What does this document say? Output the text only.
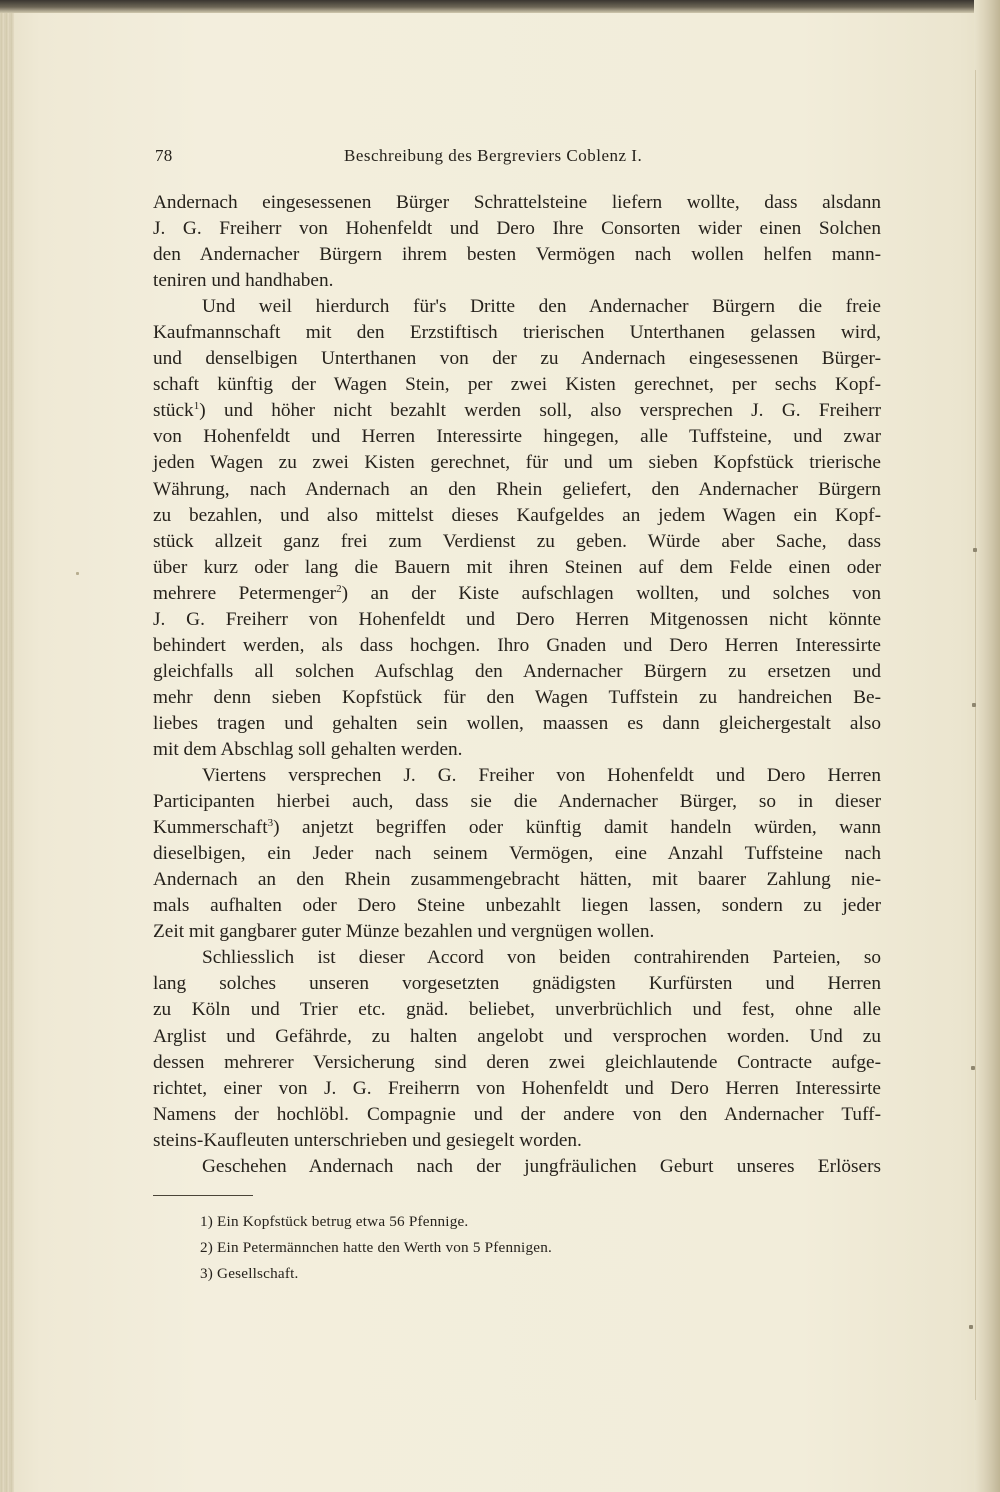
78	Beschreibung des Bergreviers Coblenz I.
Andernach eingesessenen Bürger Schrattelsteine liefern wollte, dass alsdann
J. G. Freiherr von Hohenfeldt und Dero Ihre Consorten wider einen Solchen
den Andernacher Bürgern ihrem besten Vermögen nach wollen helfen mann-
teniren und handhaben.
Und weil hierdurch für's Dritte den Andernacher Bürgern die freie
Kaufmannschaft mit den Erzstiftisch trierischen Unterthanen gelassen wird,
und denselbigen Unterthanen von der zu Andernach eingesessenen Bürger-
schaft künftig der Wagen Stein, per zwei Kisten gerechnet, per sechs Kopf-
stück$^1$) und höher nicht bezahlt werden soll, also versprechen J. G. Freiherr
von Hohenfeldt und Herren Interessirte hingegen, alle Tuffsteine, und zwar
jeden Wagen zu zwei Kisten gerechnet, für und um sieben Kopfstück trierische
Währung, nach Andernach an den Rhein geliefert, den Andernacher Bürgern
zu bezahlen, und also mittelst dieses Kaufgeldes an jedem Wagen ein Kopf-
stück allzeit ganz frei zum Verdienst zu geben. Würde aber Sache, dass
über kurz oder lang die Bauern mit ihren Steinen auf dem Felde einen oder
mehrere Petermenger$^2$) an der Kiste aufschlagen wollten, und solches von
J. G. Freiherr von Hohenfeldt und Dero Herren Mitgenossen nicht könnte
behindert werden, als dass hochgen. Ihro Gnaden und Dero Herren Interessirte
gleichfalls all solchen Aufschlag den Andernacher Bürgern zu ersetzen und
mehr denn sieben Kopfstück für den Wagen Tuffstein zu handreichen Be-
liebes tragen und gehalten sein wollen, maassen es dann gleichergestalt also
mit dem Abschlag soll gehalten werden.
Viertens versprechen J. G. Freiher von Hohenfeldt und Dero Herren
Participanten hierbei auch, dass sie die Andernacher Bürger, so in dieser
Kummerschaft$^3$) anjetzt begriffen oder künftig damit handeln würden, wann
dieselbigen, ein Jeder nach seinem Vermögen, eine Anzahl Tuffsteine nach
Andernach an den Rhein zusammengebracht hätten, mit baarer Zahlung nie-
mals aufhalten oder Dero Steine unbezahlt liegen lassen, sondern zu jeder
Zeit mit gangbarer guter Münze bezahlen und vergnügen wollen.
Schliesslich ist dieser Accord von beiden contrahirenden Parteien, so
lang solches unseren vorgesetzten gnädigsten Kurfürsten und Herren
zu Köln und Trier etc. gnäd. beliebet, unverbrüchlich und fest, ohne alle
Arglist und Gefährde, zu halten angelobt und versprochen worden. Und zu
dessen mehrerer Versicherung sind deren zwei gleichlautende Contracte aufge-
richtet, einer von J. G. Freiherrn von Hohenfeldt und Dero Herren Interessirte
Namens der hochlöbl. Compagnie und der andere von den Andernacher Tuff-
steins-Kaufleuten unterschrieben und gesiegelt worden.
Geschehen Andernach nach der jungfräulichen Geburt unseres Erlösers
1) Ein Kopfstück betrug etwa 56 Pfennige.
2) Ein Petermännchen hatte den Werth von 5 Pfennigen.
3) Gesellschaft.
